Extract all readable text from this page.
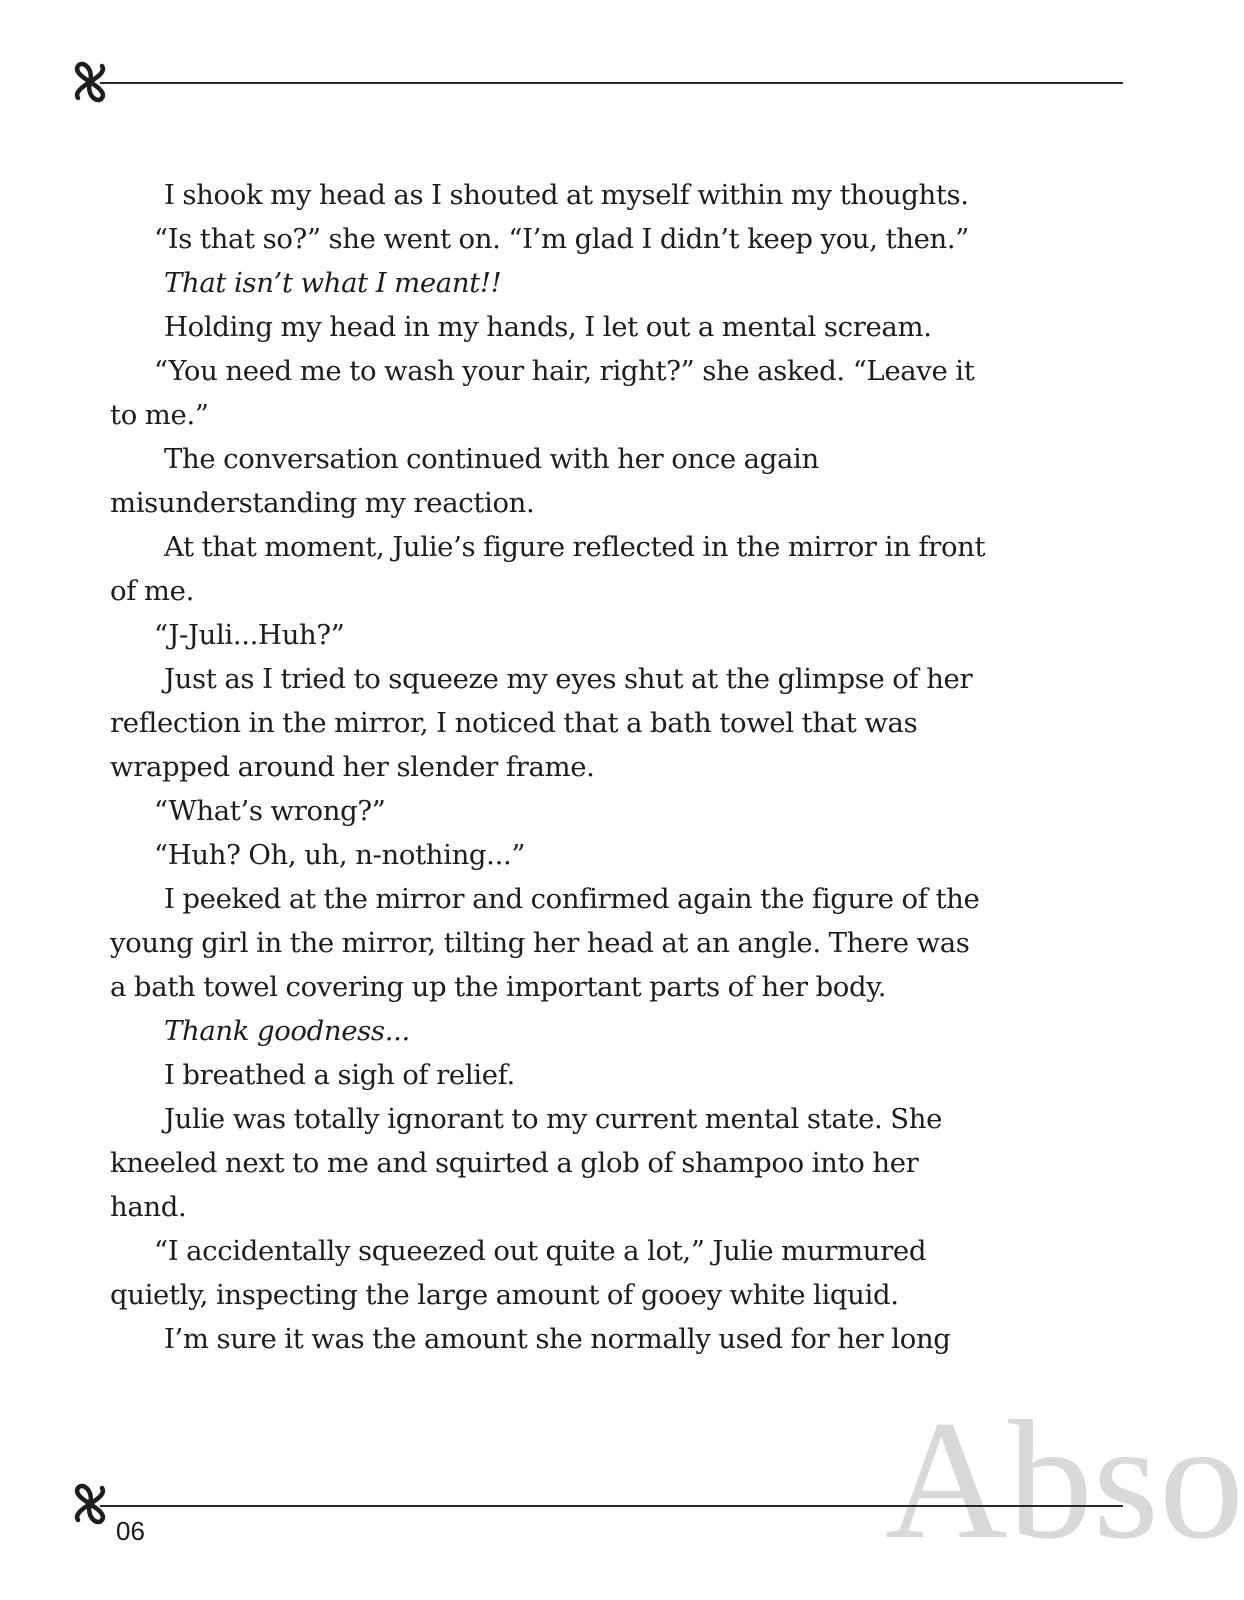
I shook my head as I shouted at myself within my thoughts.

“Is that so?” she went on. “I’m glad I didn’t keep you, then.”

That isn’t what I meant!!

Holding my head in my hands, I let out a mental scream.

“You need me to wash your hair, right?” she asked. “Leave it to me.”

The conversation continued with her once again misunderstanding my reaction.

At that moment, Julie’s figure reflected in the mirror in front of me.

“J-Juli...Huh?”

Just as I tried to squeeze my eyes shut at the glimpse of her reflection in the mirror, I noticed that a bath towel that was wrapped around her slender frame.

“What’s wrong?”

“Huh? Oh, uh, n-nothing...”

I peeked at the mirror and confirmed again the figure of the young girl in the mirror, tilting her head at an angle. There was a bath towel covering up the important parts of her body.

Thank goodness...

I breathed a sigh of relief.

Julie was totally ignorant to my current mental state. She kneeled next to me and squirted a glob of shampoo into her hand.

“I accidentally squeezed out quite a lot,” Julie murmured quietly, inspecting the large amount of gooey white liquid.

I’m sure it was the amount she normally used for her long

Abso
06
